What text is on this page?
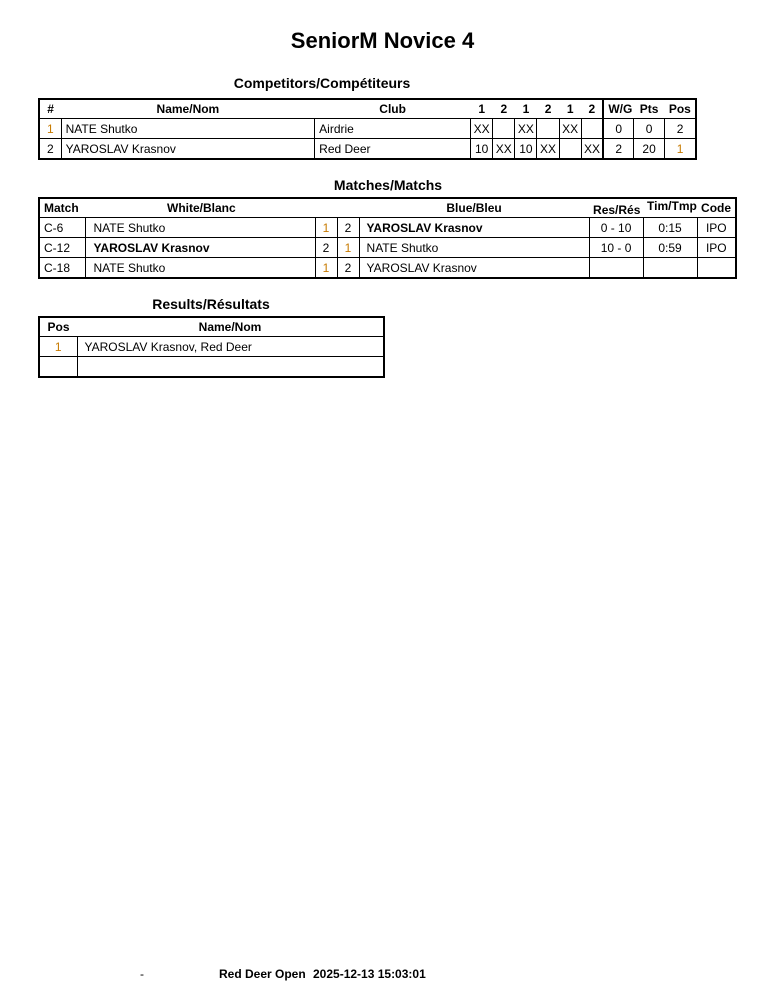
SeniorM Novice 4
Competitors/Compétiteurs
#	Name/Nom	Club	1	2	1	2	1	2	W/G	Pts	Pos
1	NATE Shutko	Airdrie	XX		XX		XX		0	0	2
2	YAROSLAV Krasnov	Red Deer	10	XX	10	XX		XX	2	20	1
Matches/Matchs
Match	White/Blanc			Blue/Bleu	Res/Rés	Tim/Tmp	Code
C-6	NATE Shutko	1	2	YAROSLAV Krasnov	0 - 10	0:15	IPO
C-12	YAROSLAV Krasnov	2	1	NATE Shutko	10 - 0	0:59	IPO
C-18	NATE Shutko	1	2	YAROSLAV Krasnov			
Results/Résultats
Pos	Name/Nom
1	YAROSLAV Krasnov, Red Deer

-	Red Deer Open 2025-12-13 15:03:01
